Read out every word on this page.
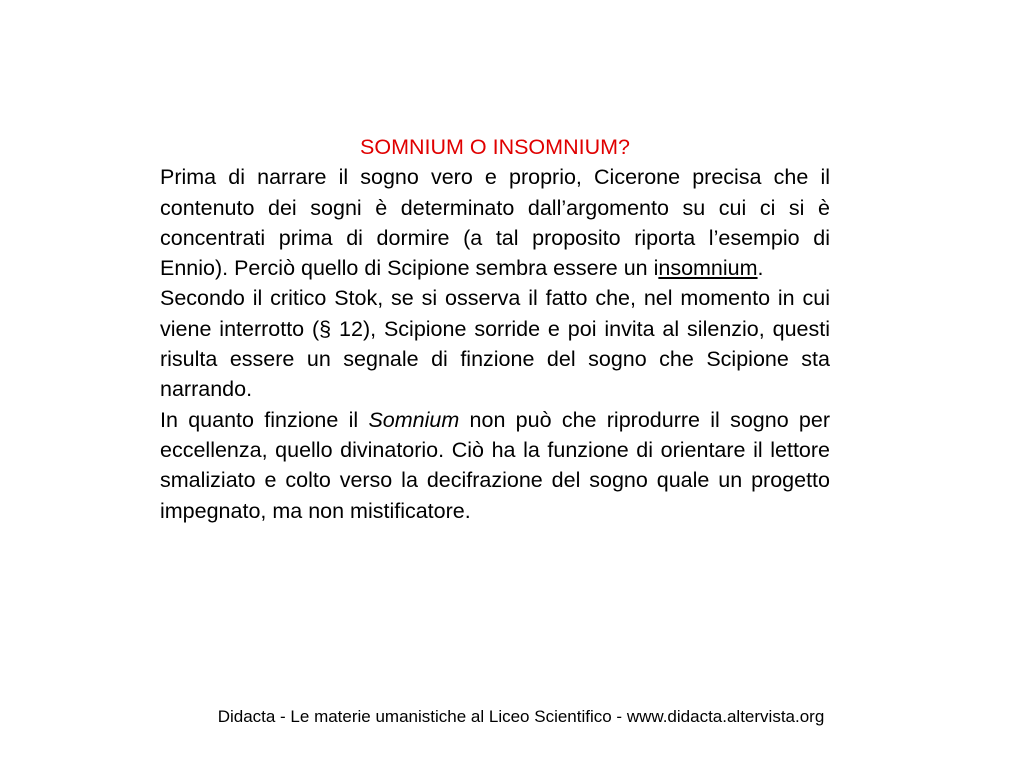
SOMNIUM O INSOMNIUM?

Prima di narrare il sogno vero e proprio, Cicerone precisa che il contenuto dei sogni è determinato dall’argomento su cui ci si è concentrati prima di dormire (a tal proposito riporta l’esempio di Ennio). Perciò quello di Scipione sembra essere un insomnium.

Secondo il critico Stok, se si osserva il fatto che, nel momento in cui viene interrotto (§ 12), Scipione sorride e poi invita al silenzio, questi risulta essere un segnale di finzione del sogno che Scipione sta narrando.

In quanto finzione il Somnium non può che riprodurre il sogno per eccellenza, quello divinatorio. Ciò ha la funzione di orientare il lettore smaliziato e colto verso la decifrazione del sogno quale un progetto impegnato, ma non mistificatore.

Didacta - Le materie umanistiche al Liceo Scientifico - www.didacta.altervista.org
